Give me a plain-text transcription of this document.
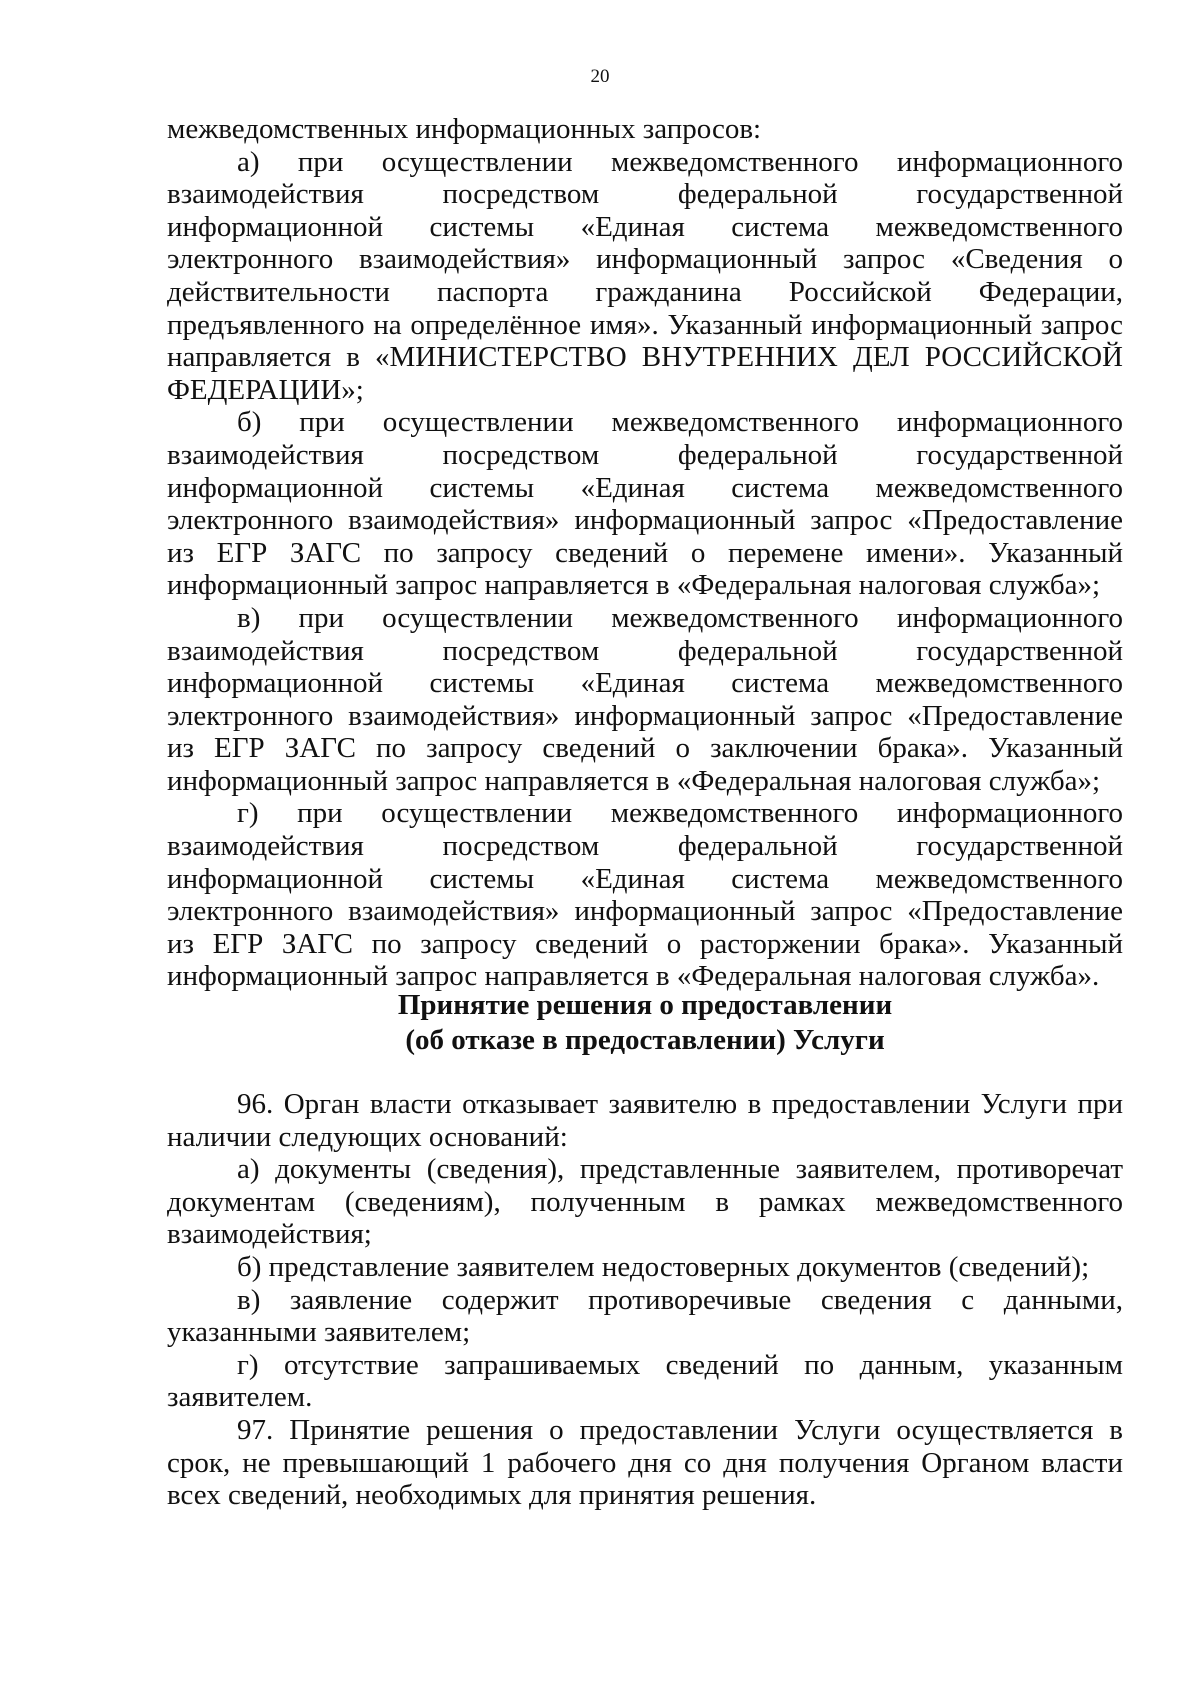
20

межведомственных информационных запросов:

а) при осуществлении межведомственного информационного взаимодействия посредством федеральной государственной информационной системы «Единая система межведомственного электронного взаимодействия» информационный запрос «Сведения о действительности паспорта гражданина Российской Федерации, предъявленного на определённое имя». Указанный информационный запрос направляется в «МИНИСТЕРСТВО ВНУТРЕННИХ ДЕЛ РОССИЙСКОЙ ФЕДЕРАЦИИ»;

б) при осуществлении межведомственного информационного взаимодействия посредством федеральной государственной информационной системы «Единая система межведомственного электронного взаимодействия» информационный запрос «Предоставление из ЕГР ЗАГС по запросу сведений о перемене имени». Указанный информационный запрос направляется в «Федеральная налоговая служба»;

в) при осуществлении межведомственного информационного взаимодействия посредством федеральной государственной информационной системы «Единая система межведомственного электронного взаимодействия» информационный запрос «Предоставление из ЕГР ЗАГС по запросу сведений о заключении брака». Указанный информационный запрос направляется в «Федеральная налоговая служба»;

г) при осуществлении межведомственного информационного взаимодействия посредством федеральной государственной информационной системы «Единая система межведомственного электронного взаимодействия» информационный запрос «Предоставление из ЕГР ЗАГС по запросу сведений о расторжении брака». Указанный информационный запрос направляется в «Федеральная налоговая служба».

Принятие решения о предоставлении
(об отказе в предоставлении) Услуги

96. Орган власти отказывает заявителю в предоставлении Услуги при наличии следующих оснований:

а) документы (сведения), представленные заявителем, противоречат документам (сведениям), полученным в рамках межведомственного взаимодействия;

б) представление заявителем недостоверных документов (сведений);

в) заявление содержит противоречивые сведения с данными, указанными заявителем;

г) отсутствие запрашиваемых сведений по данным, указанным заявителем.

97. Принятие решения о предоставлении Услуги осуществляется в срок, не превышающий 1 рабочего дня со дня получения Органом власти всех сведений, необходимых для принятия решения.
